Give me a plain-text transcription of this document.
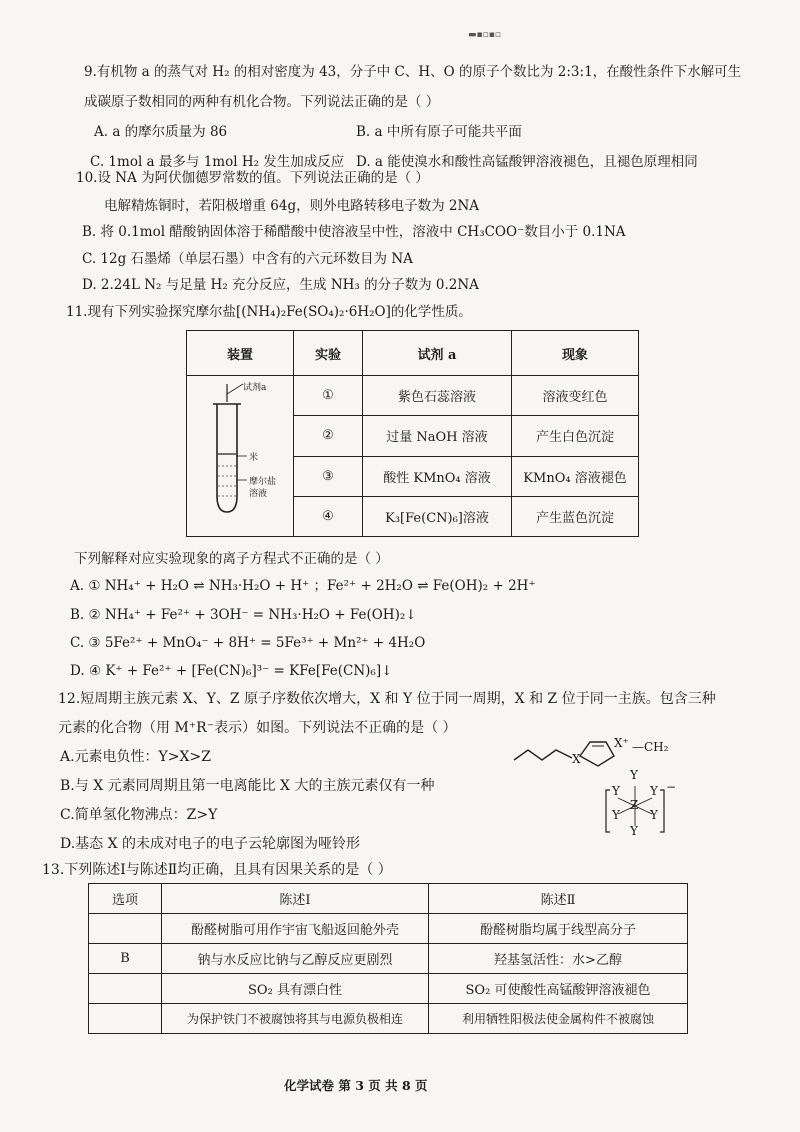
▬▪▫▪▫
9.有机物 a 的蒸气对 H₂ 的相对密度为 43，分子中 C、H、O 的原子个数比为 2:3:1，在酸性条件下水解可生
成碳原子数相同的两种有机化合物。下列说法正确的是（ ）
A. a 的摩尔质量为 86	B. a 中所有原子可能共平面
C. 1mol a 最多与 1mol H₂ 发生加成反应 D. a 能使溴水和酸性高锰酸钾溶液褪色，且褪色原理相同
10.设 NA 为阿伏伽德罗常数的值。下列说法正确的是（ ）
电解精炼铜时，若阳极增重 64g，则外电路转移电子数为 2NA
B. 将 0.1mol 醋酸钠固体溶于稀醋酸中使溶液呈中性，溶液中 CH₃COO⁻数目小于 0.1NA
C. 12g 石墨烯（单层石墨）中含有的六元环数目为 NA
D. 2.24L N₂ 与足量 H₂ 充分反应，生成 NH₃ 的分子数为 0.2NA
11.现有下列实验探究摩尔盐[(NH₄)₂Fe(SO₄)₂·6H₂O]的化学性质。
装置	实验	试剂 a	现象

试剂a
米
摩尔盐
溶液	①	紫色石蕊溶液	溶液变红色
	②	过量 NaOH 溶液	产生白色沉淀
	③	酸性 KMnO₄ 溶液	KMnO₄ 溶液褪色
	④	K₃[Fe(CN)₆]溶液	产生蓝色沉淀
下列解释对应实验现象的离子方程式不正确的是（ ）
A. ① NH₄⁺ + H₂O ⇌ NH₃·H₂O + H⁺ ；Fe²⁺ + 2H₂O ⇌ Fe(OH)₂ + 2H⁺
B. ② NH₄⁺ + Fe²⁺ + 3OH⁻ = NH₃·H₂O + Fe(OH)₂↓
C. ③ 5Fe²⁺ + MnO₄⁻ + 8H⁺ = 5Fe³⁺ + Mn²⁺ + 4H₂O
D. ④ K⁺ + Fe²⁺ + [Fe(CN)₆]³⁻ = KFe[Fe(CN)₆]↓
12.短周期主族元素 X、Y、Z 原子序数依次增大，X 和 Y 位于同一周期，X 和 Z 位于同一主族。包含三种
元素的化合物（用 M⁺R⁻表示）如图。下列说法不正确的是（ ）
A.元素电负性：Y>X>Z
B.与 X 元素同周期且第一电离能比 X 大的主族元素仅有一种
C.简单氢化物沸点：Z>Y
D.基态 X 的未成对电子的电子云轮廓图为哑铃形
X
X⁺ —CH₂
Y
Y	Y
Z
Y	Y
Y
−
13.下列陈述Ⅰ与陈述Ⅱ均正确，且具有因果关系的是（ ）
选项	陈述Ⅰ	陈述Ⅱ
	酚醛树脂可用作宇宙飞船返回舱外壳	酚醛树脂均属于线型高分子
B	钠与水反应比钠与乙醇反应更剧烈	羟基氢活性：水>乙醇
	SO₂ 具有漂白性	SO₂ 可使酸性高锰酸钾溶液褪色
	为保护铁门不被腐蚀将其与电源负极相连	利用牺牲阳极法使金属构件不被腐蚀
化学试卷 第 3 页 共 8 页
